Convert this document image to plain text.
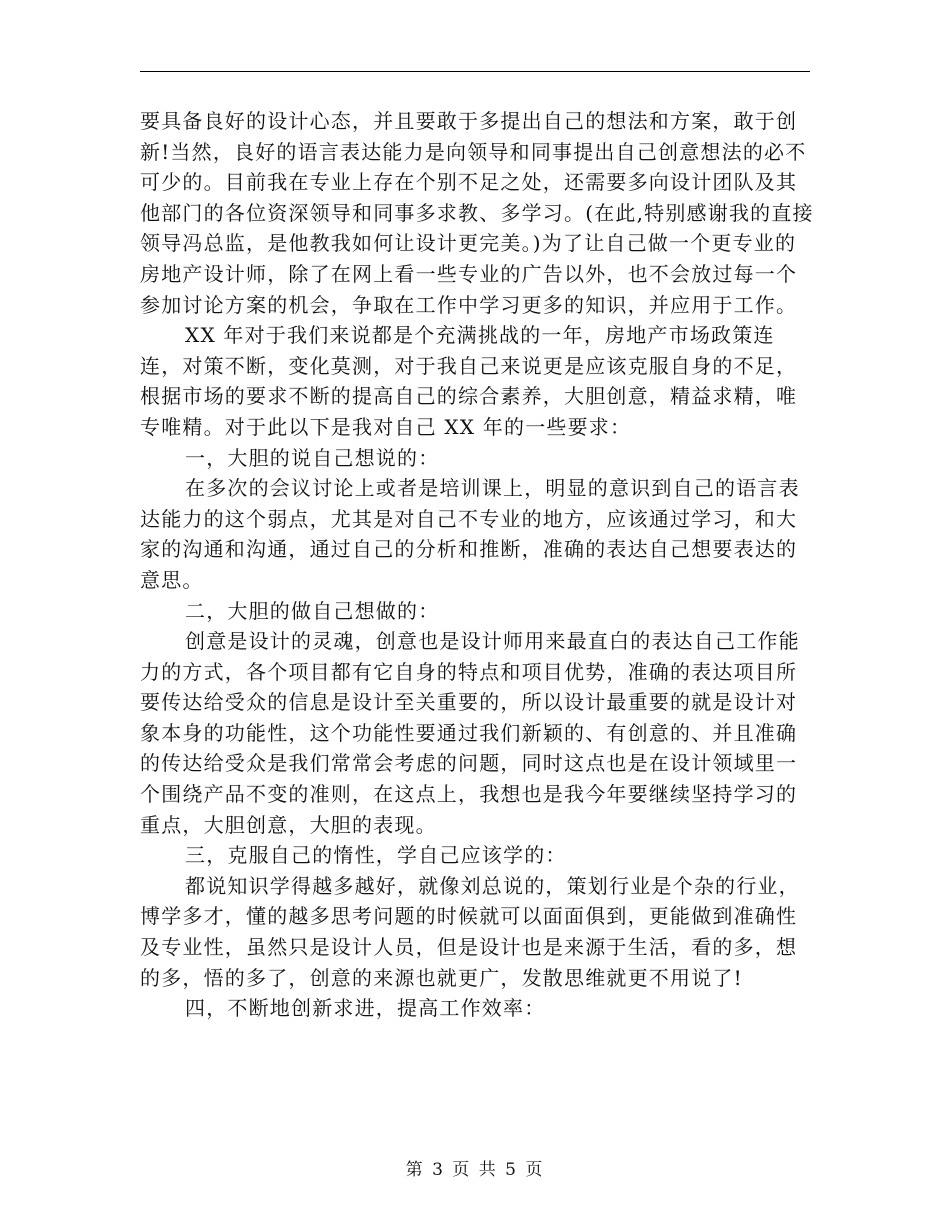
要具备良好的设计心态，并且要敢于多提出自己的想法和方案，敢于创新!当然，良好的语言表达能力是向领导和同事提出自己创意想法的必不可少的。目前我在专业上存在个别不足之处，还需要多向设计团队及其他部门的各位资深领导和同事多求教、多学习。(在此,特别感谢我的直接领导冯总监，是他教我如何让设计更完美。)为了让自己做一个更专业的房地产设计师，除了在网上看一些专业的广告以外，也不会放过每一个参加讨论方案的机会，争取在工作中学习更多的知识，并应用于工作。

XX 年对于我们来说都是个充满挑战的一年，房地产市场政策连连，对策不断，变化莫测，对于我自己来说更是应该克服自身的不足，根据市场的要求不断的提高自己的综合素养，大胆创意，精益求精，唯专唯精。对于此以下是我对自己 XX 年的一些要求：

一，大胆的说自己想说的：

在多次的会议讨论上或者是培训课上，明显的意识到自己的语言表达能力的这个弱点，尤其是对自己不专业的地方，应该通过学习，和大家的沟通和沟通，通过自己的分析和推断，准确的表达自己想要表达的意思。

二，大胆的做自己想做的：

创意是设计的灵魂，创意也是设计师用来最直白的表达自己工作能力的方式，各个项目都有它自身的特点和项目优势，准确的表达项目所要传达给受众的信息是设计至关重要的，所以设计最重要的就是设计对象本身的功能性，这个功能性要通过我们新颖的、有创意的、并且准确的传达给受众是我们常常会考虑的问题，同时这点也是在设计领域里一个围绕产品不变的准则，在这点上，我想也是我今年要继续坚持学习的重点，大胆创意，大胆的表现。

三，克服自己的惰性，学自己应该学的：

都说知识学得越多越好，就像刘总说的，策划行业是个杂的行业，博学多才，懂的越多思考问题的时候就可以面面俱到，更能做到准确性及专业性，虽然只是设计人员，但是设计也是来源于生活，看的多，想的多，悟的多了，创意的来源也就更广，发散思维就更不用说了!

四，不断地创新求进，提高工作效率：

第 3 页 共 5 页
